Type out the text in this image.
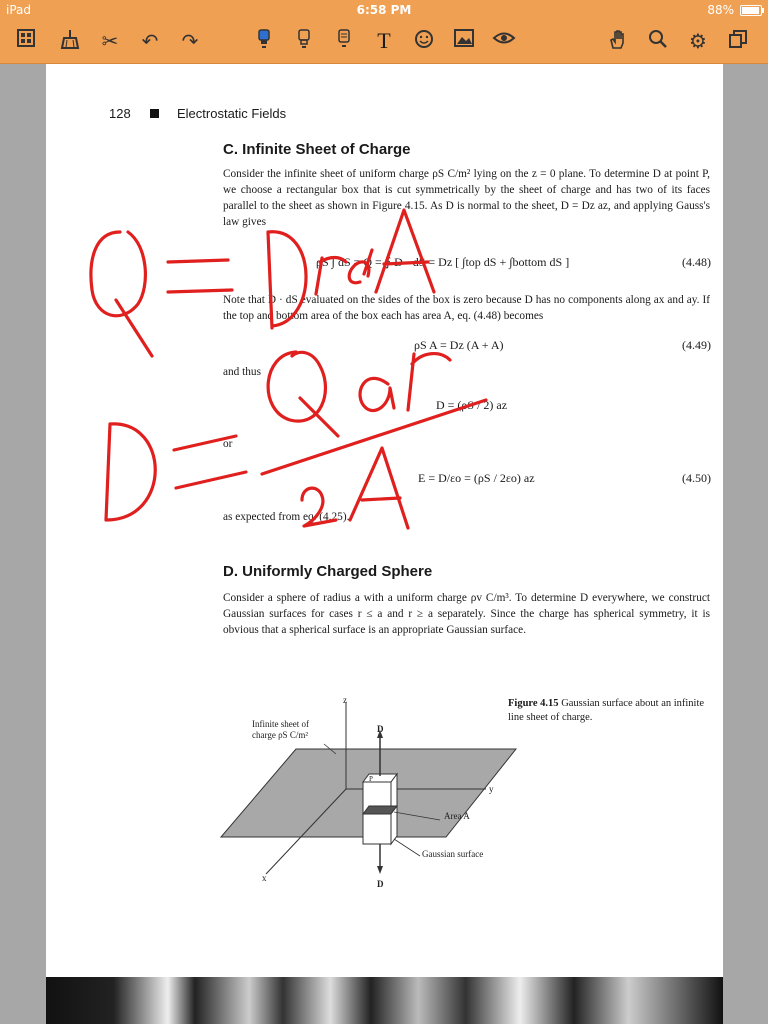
iPad	6:58 PM	88%
✂ ↶ ↷	T	⚙
128	Electrostatic Fields
C. Infinite Sheet of Charge
Consider the infinite sheet of uniform charge ρS C/m² lying on the z = 0 plane. To determine D at point P, we choose a rectangular box that is cut symmetrically by the sheet of charge and has two of its faces parallel to the sheet as shown in Figure 4.15. As D is normal to the sheet, D = Dz az, and applying Gauss's law gives
ρS ∫ dS = Q = ∮ D · dS = Dz [ ∫top dS + ∫bottom dS ]	(4.48)
Note that D · dS evaluated on the sides of the box is zero because D has no components along ax and ay. If the top and bottom area of the box each has area A, eq. (4.48) becomes
ρS A = Dz (A + A)	(4.49)
and thus
D = (ρS / 2) az
or
E = D/εo = (ρS / 2εo) az	(4.50)
as expected from eq. (4.25).
D. Uniformly Charged Sphere
Consider a sphere of radius a with a uniform charge ρv C/m³. To determine D everywhere, we construct Gaussian surfaces for cases r ≤ a and r ≥ a separately. Since the charge has spherical symmetry, it is obvious that a spherical surface is an appropriate Gaussian surface.
z
y
x
D
D
P
Infinite sheet of charge ρS C/m²
Area A
Gaussian surface
Figure 4.15 Gaussian surface about an infinite line sheet of charge.
